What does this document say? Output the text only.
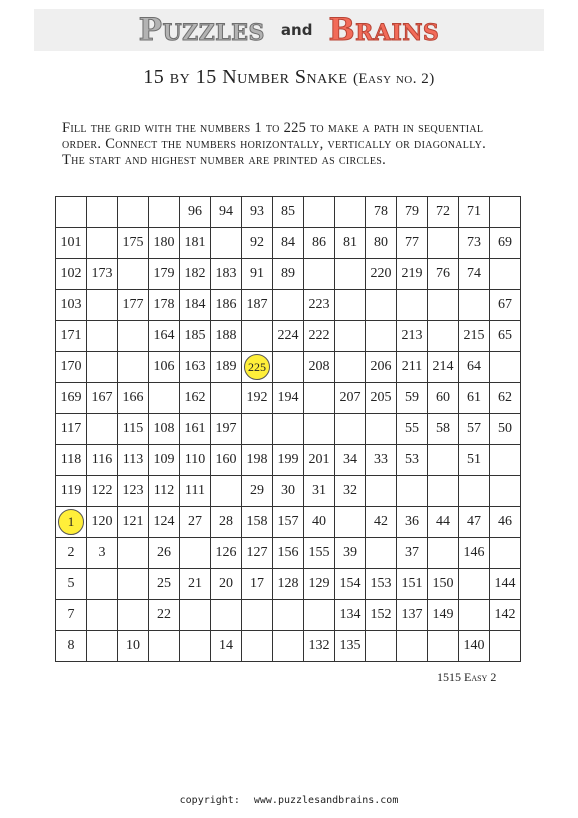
Puzzles and Brains
15 by 15 Number Snake (Easy no. 2)

Fill the grid with the numbers 1 to 225 to make a path in sequential

order. Connect the numbers horizontally, vertically or diagonally.

The start and highest number are printed as circles.

				96	94	93	85			78	79	72	71	
101		175	180	181		92	84	86	81	80	77		73	69
102	173		179	182	183	91	89			220	219	76	74	
103		177	178	184	186	187		223						67
171			164	185	188		224	222			213		215	65
170			106	163	189	225		208		206	211	214	64	
169	167	166		162		192	194		207	205	59	60	61	62
117		115	108	161	197						55	58	57	50
118	116	113	109	110	160	198	199	201	34	33	53		51	
119	122	123	112	111		29	30	31	32					
1	120	121	124	27	28	158	157	40		42	36	44	47	46
2	3		26		126	127	156	155	39		37		146	
5			25	21	20	17	128	129	154	153	151	150		144
7			22						134	152	137	149		142
8		10			14			132	135				140	
1515 Easy 2
copyright: www.puzzlesandbrains.com
